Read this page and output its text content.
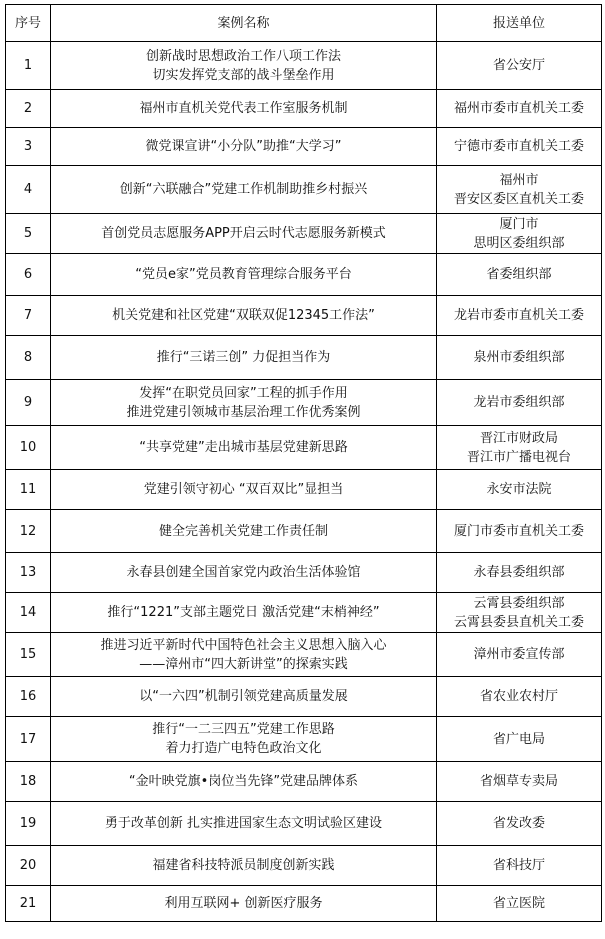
序号	案例名称	报送单位
1	创新战时思想政治工作八项工作法
切实发挥党支部的战斗堡垒作用	省公安厅

2	福州市直机关党代表工作室服务机制	福州市委市直机关工委

3	微党课宣讲“小分队”助推“大学习”	宁德市委市直机关工委

4	创新“六联融合”党建工作机制助推乡村振兴	福州市
晋安区委区直机关工委

5	首创党员志愿服务APP开启云时代志愿服务新模式	厦门市
思明区委组织部

6	“党员e家”党员教育管理综合服务平台	省委组织部

7	机关党建和社区党建“双联双促12345工作法”	龙岩市委市直机关工委

8	推行“三诺三创” 力促担当作为	泉州市委组织部

9	发挥“在职党员回家”工程的抓手作用
推进党建引领城市基层治理工作优秀案例	龙岩市委组织部

10	“共享党建”走出城市基层党建新思路	晋江市财政局
晋江市广播电视台

11	党建引领守初心 “双百双比”显担当	永安市法院

12	健全完善机关党建工作责任制	厦门市委市直机关工委

13	永春县创建全国首家党内政治生活体验馆	永春县委组织部

14	推行“1221”支部主题党日 激活党建“末梢神经”	云霄县委组织部
云霄县委县直机关工委

15	推进习近平新时代中国特色社会主义思想入脑入心
——漳州市“四大新讲堂”的探索实践	漳州市委宣传部

16	以“一六四”机制引领党建高质量发展	省农业农村厅

17	推行“一二三四五”党建工作思路
着力打造广电特色政治文化	省广电局

18	“金叶映党旗•岗位当先锋”党建品牌体系	省烟草专卖局

19	勇于改革创新 扎实推进国家生态文明试验区建设	省发改委

20	福建省科技特派员制度创新实践	省科技厅

21	利用互联网+ 创新医疗服务	省立医院
